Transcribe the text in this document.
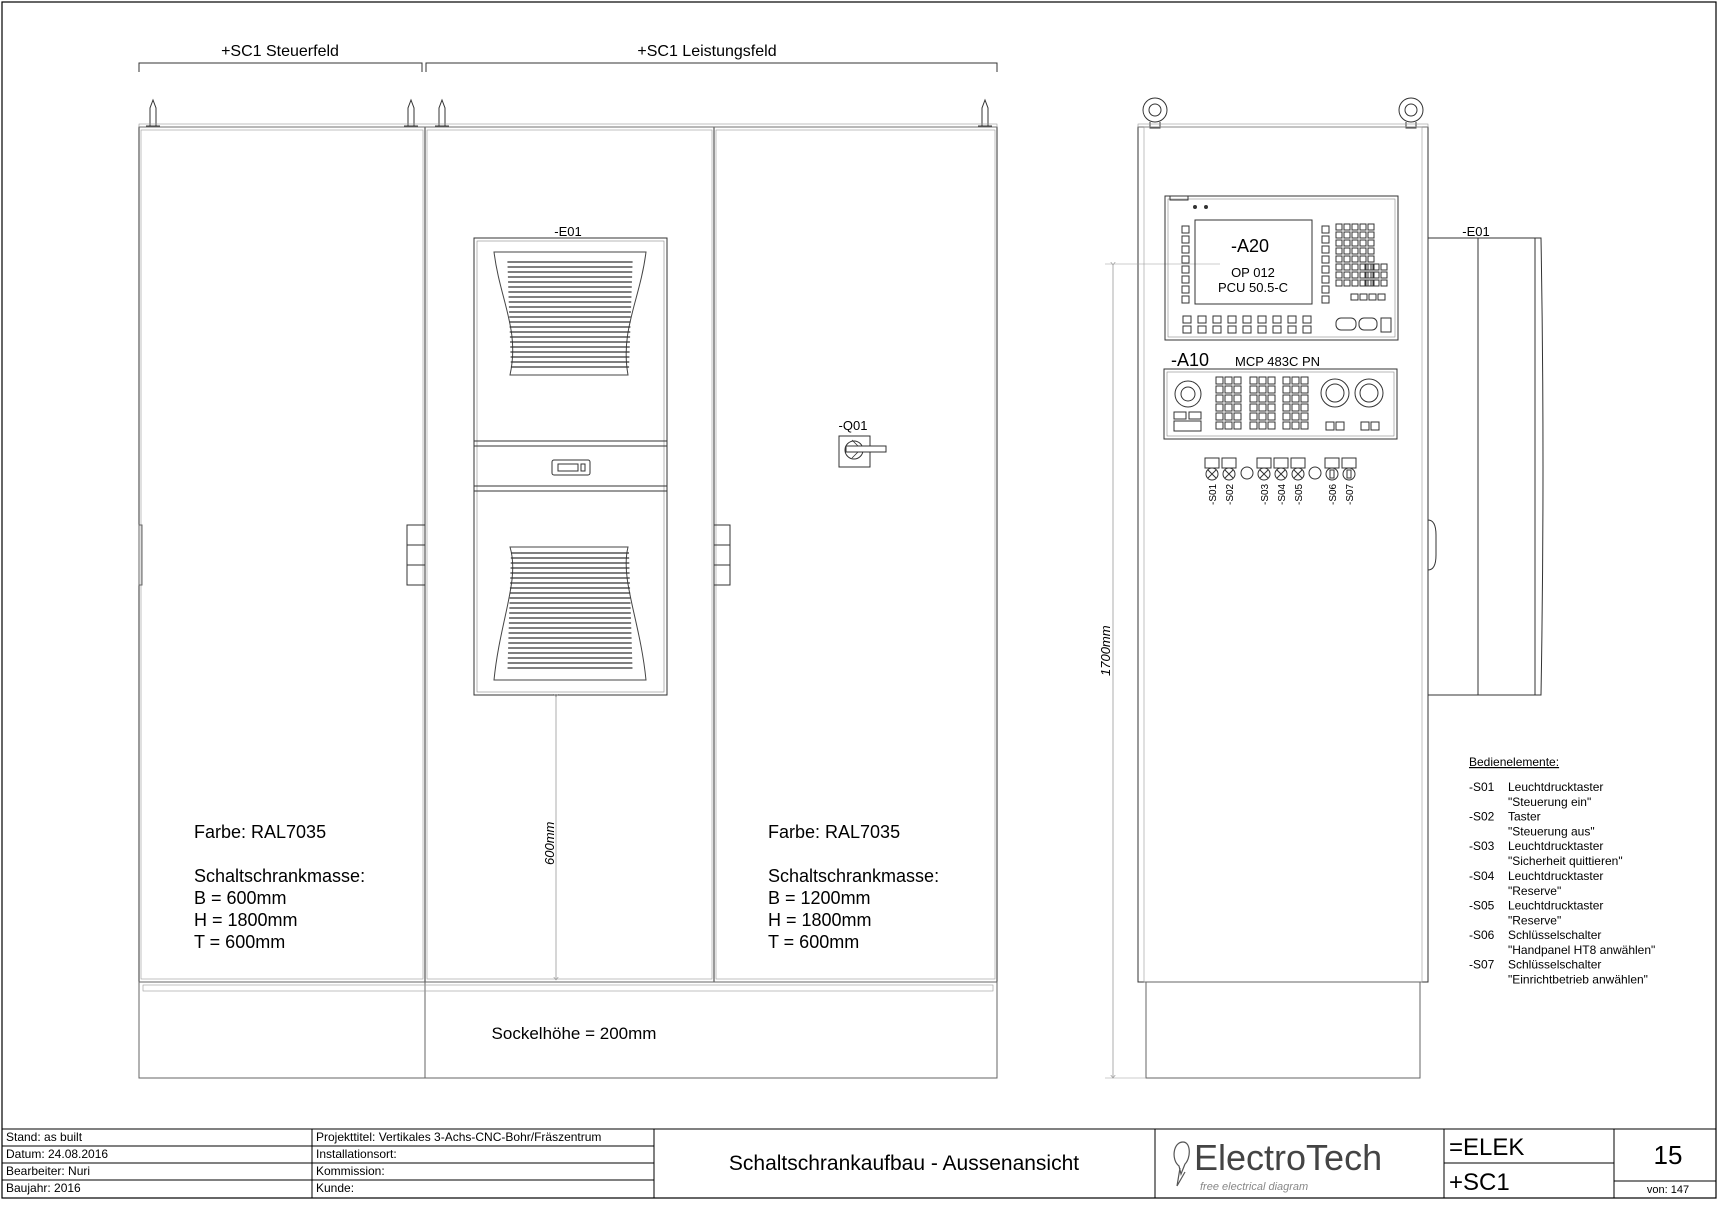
+SC1 Steuerfeld	+SC1 Leistungsfeld
-E01
-Q01
600mm
Sockelhöhe = 200mm
Farbe: RAL7035
Schaltschrankmasse:
B = 600mm
H = 1800mm
T = 600mm
Farbe: RAL7035
Schaltschrankmasse:
B = 1200mm
H = 1800mm
T = 600mm
1700mm
-E01
-A20
OP 012
PCU 50.5-C
-A10 MCP 483C PN
-S01 -S02 -S03 -S04 -S05 -S06 -S07
Bedienelemente:
-S01 Leuchtdrucktaster
"Steuerung ein"
-S02 Taster
"Steuerung aus"
-S03 Leuchtdrucktaster
"Sicherheit quittieren"
-S04 Leuchtdrucktaster
"Reserve"
-S05 Leuchtdrucktaster
"Reserve"
-S06 Schlüsselschalter
"Handpanel HT8 anwählen"
-S07 Schlüsselschalter
"Einrichtbetrieb anwählen"
Stand: as built
Datum: 24.08.2016
Bearbeiter: Nuri
Baujahr: 2016
Projekttitel: Vertikales 3-Achs-CNC-Bohr/Fräszentrum
Installationsort:
Kommission:
Kunde:
Schaltschrankaufbau - Aussenansicht	ElectroTech
free electrical diagram
=ELEK
+SC1
15
von: 147
